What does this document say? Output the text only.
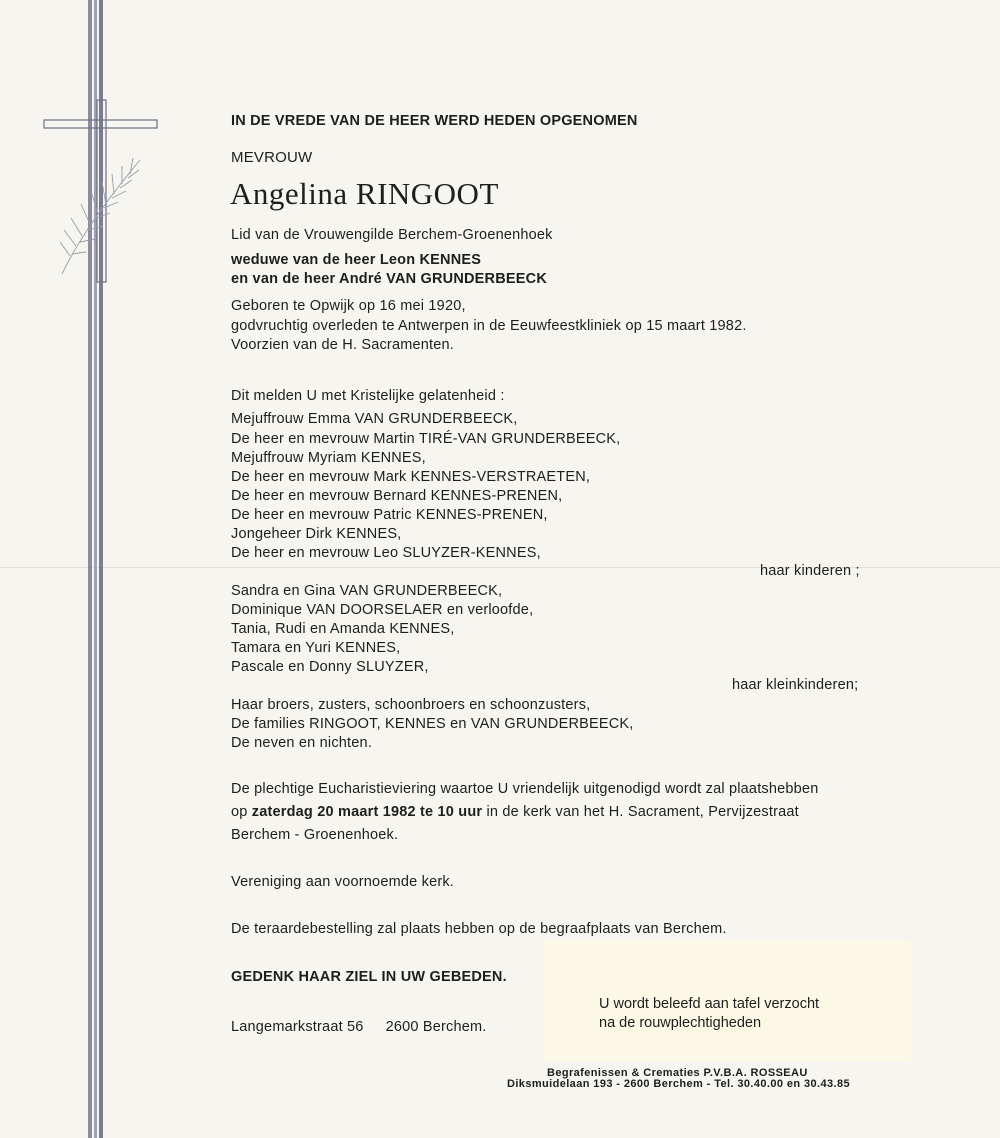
IN DE VREDE VAN DE HEER WERD HEDEN OPGENOMEN
MEVROUW
Angelina RINGOOT
Lid van de Vrouwengilde Berchem-Groenenhoek
weduwe van de heer Leon KENNES
en van de heer André VAN GRUNDERBEECK
Geboren te Opwijk op 16 mei 1920,
godvruchtig overleden te Antwerpen in de Eeuwfeestkliniek op 15 maart 1982.
Voorzien van de H. Sacramenten.
Dit melden U met Kristelijke gelatenheid :
Mejuffrouw Emma VAN GRUNDERBEECK,
De heer en mevrouw Martin TIRÉ-VAN GRUNDERBEECK,
Mejuffrouw Myriam KENNES,
De heer en mevrouw Mark KENNES-VERSTRAETEN,
De heer en mevrouw Bernard KENNES-PRENEN,
De heer en mevrouw Patric KENNES-PRENEN,
Jongeheer Dirk KENNES,
De heer en mevrouw Leo SLUYZER-KENNES,
haar kinderen ;
Sandra en Gina VAN GRUNDERBEECK,
Dominique VAN DOORSELAER en verloofde,
Tania, Rudi en Amanda KENNES,
Tamara en Yuri KENNES,
Pascale en Donny SLUYZER,
haar kleinkinderen;
Haar broers, zusters, schoonbroers en schoonzusters,
De families RINGOOT, KENNES en VAN GRUNDERBEECK,
De neven en nichten.
De plechtige Eucharistieviering waartoe U vriendelijk uitgenodigd wordt zal plaatshebben
op zaterdag 20 maart 1982 te 10 uur in de kerk van het H. Sacrament, Pervijzestraat
Berchem - Groenenhoek.
Vereniging aan voornoemde kerk.
De teraardebestelling zal plaats hebben op de begraafplaats van Berchem.
GEDENK HAAR ZIEL IN UW GEBEDEN.
Langemarkstraat 56 2600 Berchem.
U wordt beleefd aan tafel verzocht
na de rouwplechtigheden
Begrafenissen & Crematies P.V.B.A. ROSSEAU
Diksmuidelaan 193 - 2600 Berchem - Tel. 30.40.00 en 30.43.85
